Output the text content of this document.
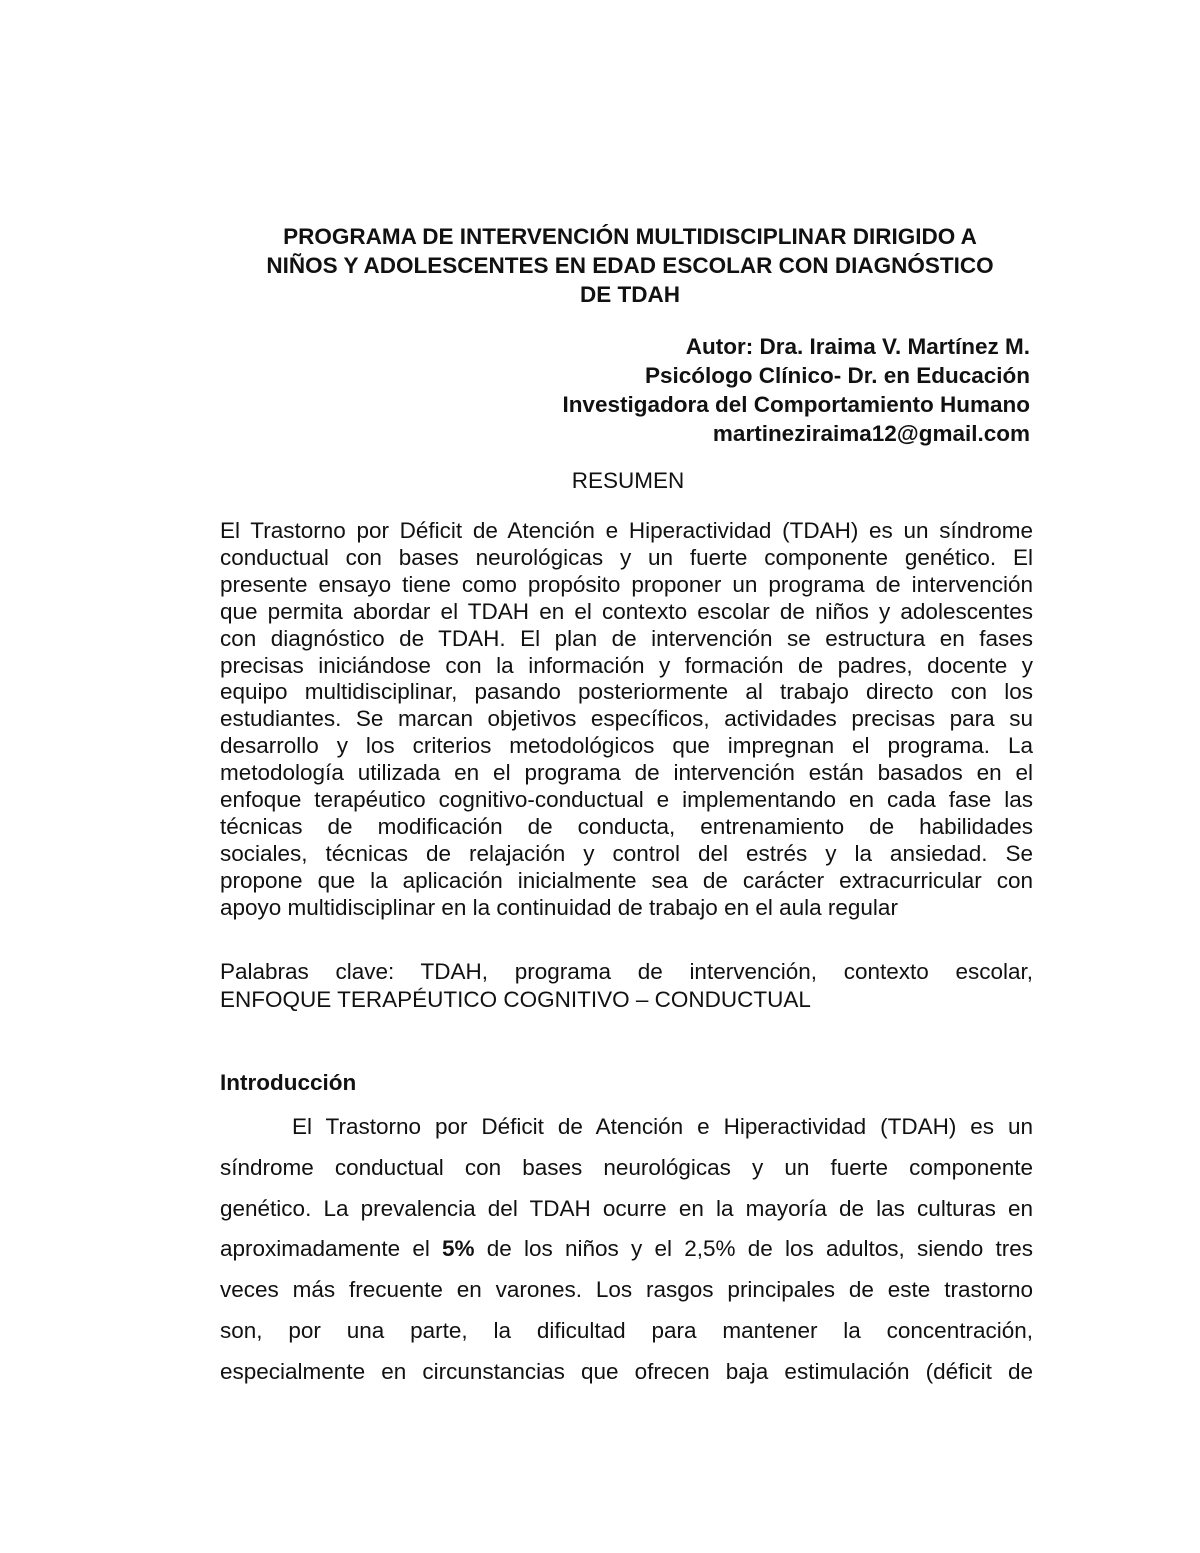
PROGRAMA DE INTERVENCIÓN MULTIDISCIPLINAR DIRIGIDO A
NIÑOS Y ADOLESCENTES EN EDAD ESCOLAR CON DIAGNÓSTICO
DE TDAH
Autor: Dra. Iraima V. Martínez M.
Psicólogo Clínico- Dr. en Educación
Investigadora del Comportamiento Humano
martineziraima12@gmail.com
RESUMEN
El Trastorno por Déficit de Atención e Hiperactividad (TDAH) es un síndrome
conductual con bases neurológicas y un fuerte componente genético. El
presente ensayo tiene como propósito proponer un programa de intervención
que permita abordar el TDAH en el contexto escolar de niños y adolescentes
con diagnóstico de TDAH. El plan de intervención se estructura en fases
precisas iniciándose con la información y formación de padres, docente y
equipo multidisciplinar, pasando posteriormente al trabajo directo con los
estudiantes. Se marcan objetivos específicos, actividades precisas para su
desarrollo y los criterios metodológicos que impregnan el programa. La
metodología utilizada en el programa de intervención están basados en el
enfoque terapéutico cognitivo-conductual e implementando en cada fase las
técnicas de modificación de conducta, entrenamiento de habilidades
sociales, técnicas de relajación y control del estrés y la ansiedad. Se
propone que la aplicación inicialmente sea de carácter extracurricular con
apoyo multidisciplinar en la continuidad de trabajo en el aula regular
Palabras clave: TDAH, programa de intervención, contexto escolar,
ENFOQUE TERAPÉUTICO COGNITIVO – CONDUCTUAL
Introducción
El Trastorno por Déficit de Atención e Hiperactividad (TDAH) es un
síndrome conductual con bases neurológicas y un fuerte componente
genético. La prevalencia del TDAH ocurre en la mayoría de las culturas en
aproximadamente el 5% de los niños y el 2,5% de los adultos, siendo tres
veces más frecuente en varones. Los rasgos principales de este trastorno
son, por una parte, la dificultad para mantener la concentración,
especialmente en circunstancias que ofrecen baja estimulación (déficit de
